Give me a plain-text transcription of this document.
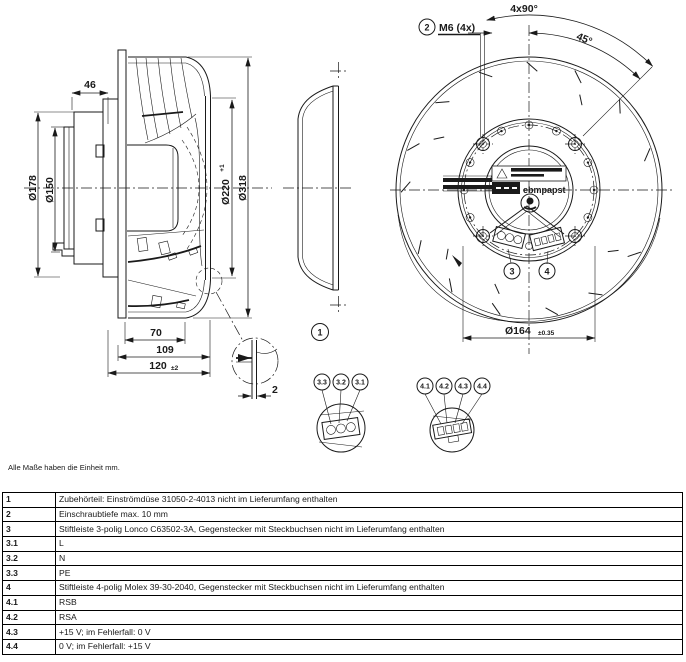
46
Ø178 Ø150	Ø220
+1
Ø318
70
109
120 ±2
2
1
ebmpapst
3	4
Ø164 ±0.35
4x90°
45°
2 M6 (4x)
3.3 3.2 3.1
4.1 4.2 4.3 4.4
Alle Maße haben die Einheit mm.
1	Zubehörteil: Einströmdüse 31050-2-4013 nicht im Lieferumfang enthalten
2	Einschraubtiefe max. 10 mm
3	Stiftleiste 3-polig Lonco C63502-3A, Gegenstecker mit Steckbuchsen nicht im Lieferumfang enthalten
3.1	L
3.2	N
3.3	PE
4	Stiftleiste 4-polig Molex 39-30-2040, Gegenstecker mit Steckbuchsen nicht im Lieferumfang enthalten
4.1	RSB
4.2	RSA
4.3	+15 V; im Fehlerfall: 0 V
4.4	0 V; im Fehlerfall: +15 V
